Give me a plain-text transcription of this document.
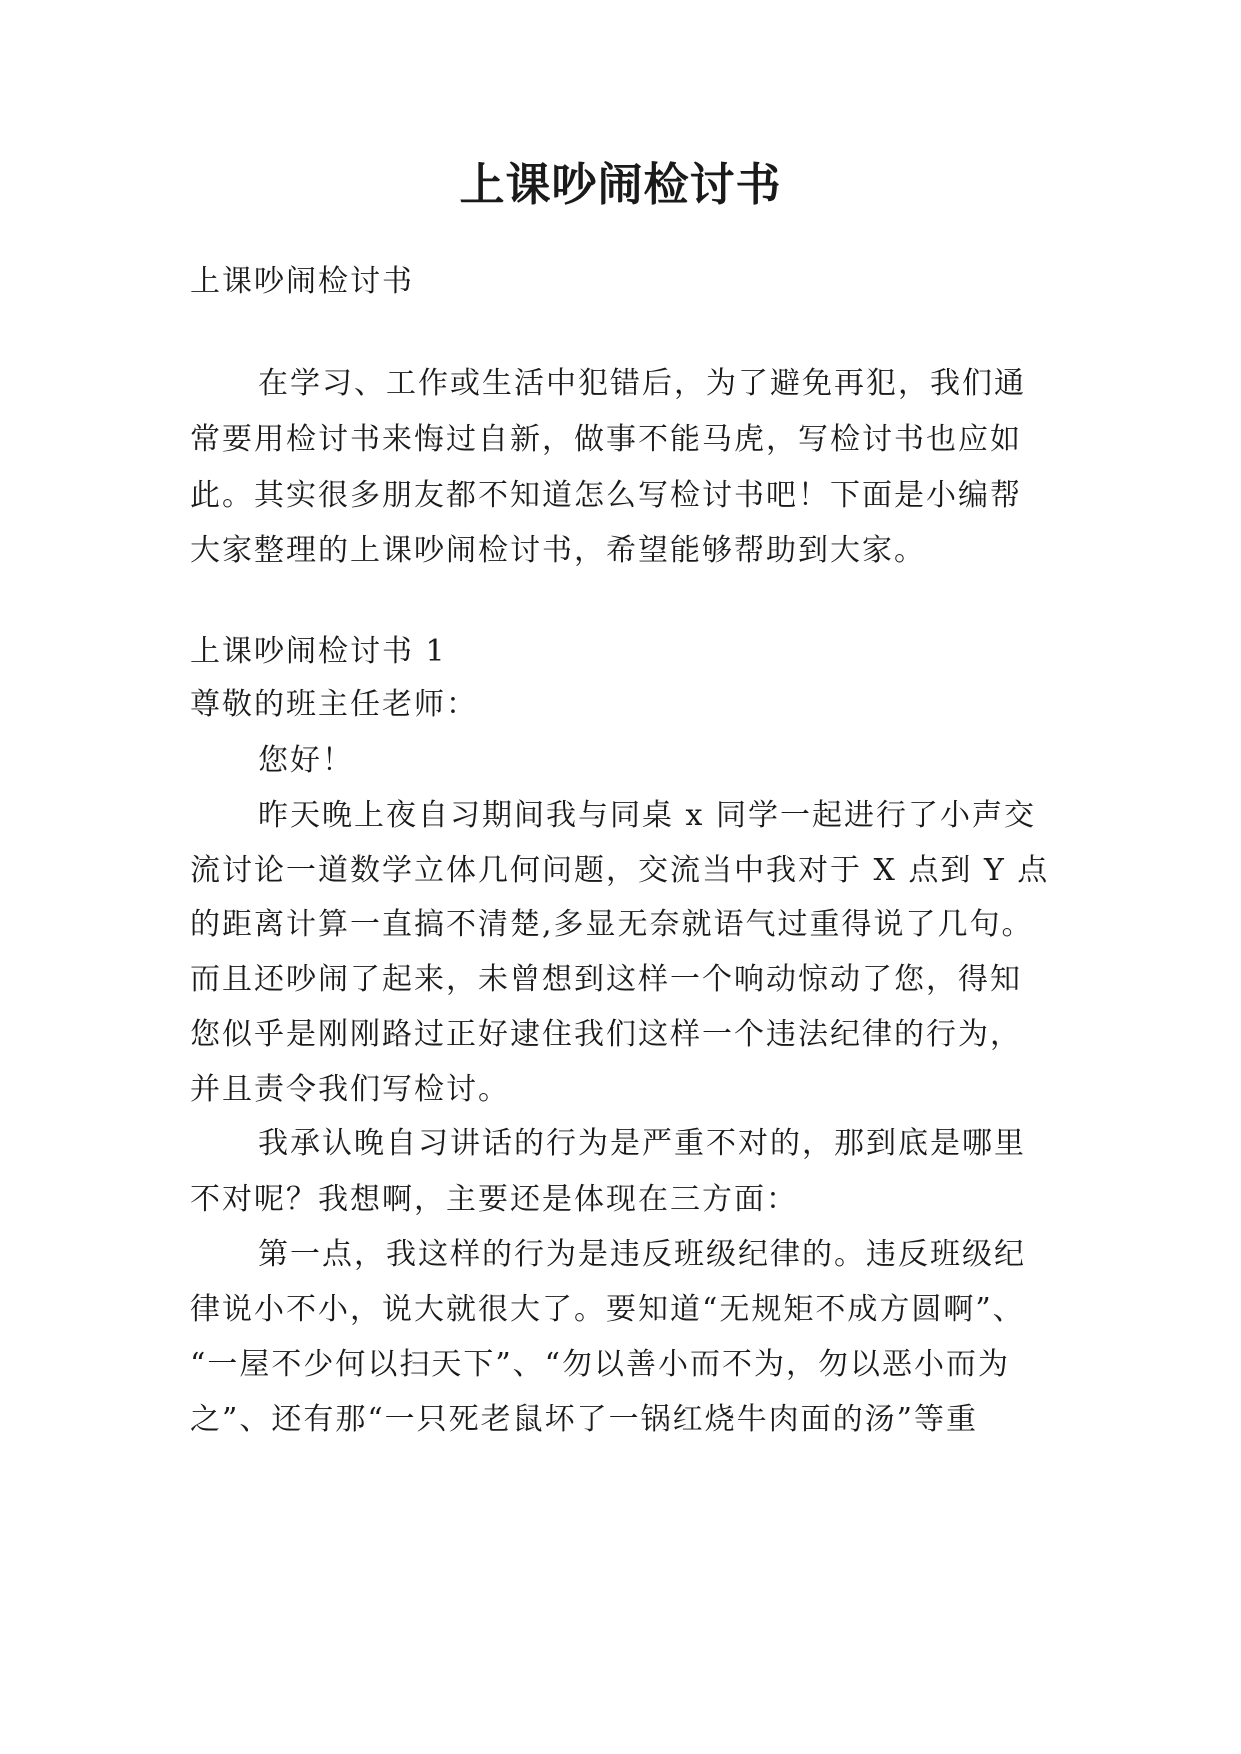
上课吵闹检讨书
上课吵闹检讨书
在学习、工作或生活中犯错后，为了避免再犯，我们通
常要用检讨书来悔过自新，做事不能马虎，写检讨书也应如
此。其实很多朋友都不知道怎么写检讨书吧！下面是小编帮
大家整理的上课吵闹检讨书，希望能够帮助到大家。
上课吵闹检讨书 1
尊敬的班主任老师：
您好！
昨天晚上夜自习期间我与同桌 x 同学一起进行了小声交
流讨论一道数学立体几何问题，交流当中我对于 X 点到 Y 点
的距离计算一直搞不清楚,多显无奈就语气过重得说了几句。
而且还吵闹了起来，未曾想到这样一个响动惊动了您，得知
您似乎是刚刚路过正好逮住我们这样一个违法纪律的行为，
并且责令我们写检讨。
我承认晚自习讲话的行为是严重不对的，那到底是哪里
不对呢？我想啊，主要还是体现在三方面：
第一点，我这样的行为是违反班级纪律的。违反班级纪
律说小不小，说大就很大了。要知道“无规矩不成方圆啊”、
“一屋不少何以扫天下”、“勿以善小而不为，勿以恶小而为
之”、还有那“一只死老鼠坏了一锅红烧牛肉面的汤”等重
